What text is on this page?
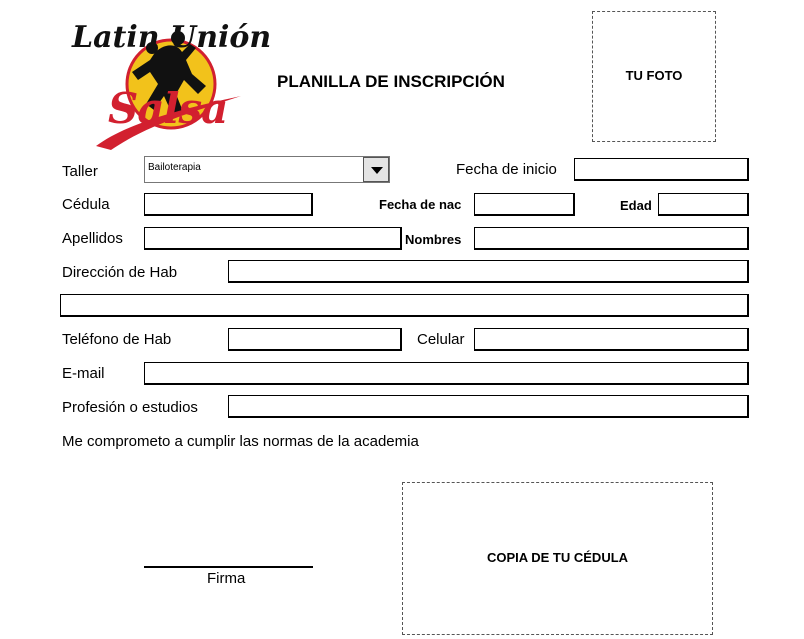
Latin Unión
Salsa
PLANILLA DE INSCRIPCIÓN	TU FOTO
Taller	Bailoterapia	Fecha de inicio
Cédula	Fecha de nac	Edad
Apellidos	Nombres
Dirección de Hab
Teléfono de Hab	Celular
E-mail
Profesión o estudios
Me comprometo a cumplir las normas de la academia
Firma
COPIA DE TU CÉDULA
